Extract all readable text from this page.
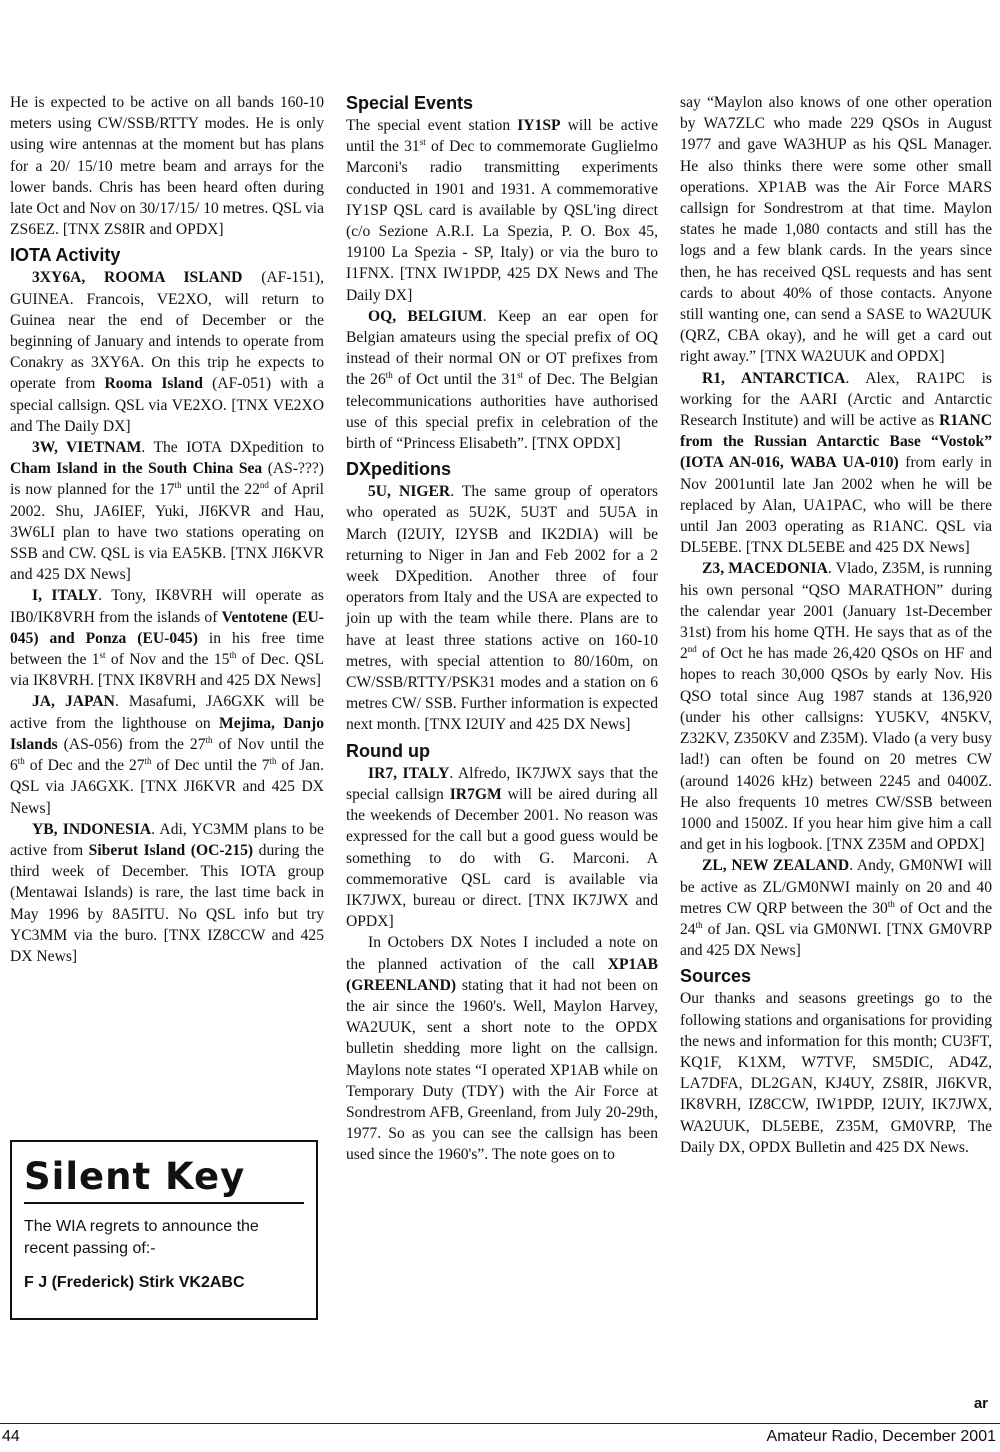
He is expected to be active on all bands 160-10 meters using CW/SSB/RTTY modes. He is only using wire antennas at the moment but has plans for a 20/ 15/10 metre beam and arrays for the lower bands. Chris has been heard often during late Oct and Nov on 30/17/15/ 10 metres. QSL via ZS6EZ. [TNX ZS8IR and OPDX]

IOTA Activity

3XY6A, ROOMA ISLAND (AF-151), GUINEA. Francois, VE2XO, will return to Guinea near the end of December or the beginning of January and intends to operate from Conakry as 3XY6A. On this trip he expects to operate from Rooma Island (AF-051) with a special callsign. QSL via VE2XO. [TNX VE2XO and The Daily DX]

3W, VIETNAM. The IOTA DXpedition to Cham Island in the South China Sea (AS-???) is now planned for the 17th until the 22nd of April 2002. Shu, JA6IEF, Yuki, JI6KVR and Hau, 3W6LI plan to have two stations operating on SSB and CW. QSL is via EA5KB. [TNX JI6KVR and 425 DX News]

I, ITALY. Tony, IK8VRH will operate as IB0/IK8VRH from the islands of Ventotene (EU-045) and Ponza (EU-045) in his free time between the 1st of Nov and the 15th of Dec. QSL via IK8VRH. [TNX IK8VRH and 425 DX News]

JA, JAPAN. Masafumi, JA6GXK will be active from the lighthouse on Mejima, Danjo Islands (AS-056) from the 27th of Nov until the 6th of Dec and the 27th of Dec until the 7th of Jan. QSL via JA6GXK. [TNX JI6KVR and 425 DX News]

YB, INDONESIA. Adi, YC3MM plans to be active from Siberut Island (OC-215) during the third week of December. This IOTA group (Mentawai Islands) is rare, the last time back in May 1996 by 8A5ITU. No QSL info but try YC3MM via the buro. [TNX IZ8CCW and 425 DX News]

Silent Key

The WIA regrets to announce the recent passing of:-

F J (Frederick) Stirk VK2ABC

Special Events

The special event station IY1SP will be active until the 31st of Dec to commemorate Guglielmo Marconi's radio transmitting experiments conducted in 1901 and 1931. A commemorative IY1SP QSL card is available by QSL'ing direct (c/o Sezione A.R.I. La Spezia, P. O. Box 45, 19100 La Spezia - SP, Italy) or via the buro to I1FNX. [TNX IW1PDP, 425 DX News and The Daily DX]

OQ, BELGIUM. Keep an ear open for Belgian amateurs using the special prefix of OQ instead of their normal ON or OT prefixes from the 26th of Oct until the 31st of Dec. The Belgian telecommunications authorities have authorised use of this special prefix in celebration of the birth of “Princess Elisabeth”. [TNX OPDX]

DXpeditions

5U, NIGER. The same group of operators who operated as 5U2K, 5U3T and 5U5A in March (I2UIY, I2YSB and IK2DIA) will be returning to Niger in Jan and Feb 2002 for a 2 week DXpedition. Another three of four operators from Italy and the USA are expected to join up with the team while there. Plans are to have at least three stations active on 160-10 metres, with special attention to 80/160m, on CW/SSB/RTTY/PSK31 modes and a station on 6 metres CW/ SSB. Further information is expected next month. [TNX I2UIY and 425 DX News]

Round up

IR7, ITALY. Alfredo, IK7JWX says that the special callsign IR7GM will be aired during all the weekends of December 2001. No reason was expressed for the call but a good guess would be something to do with G. Marconi. A commemorative QSL card is available via IK7JWX, bureau or direct. [TNX IK7JWX and OPDX]

In Octobers DX Notes I included a note on the planned activation of the call XP1AB (GREENLAND) stating that it had not been on the air since the 1960's. Well, Maylon Harvey, WA2UUK, sent a short note to the OPDX bulletin shedding more light on the callsign. Maylons note states “I operated XP1AB while on Temporary Duty (TDY) with the Air Force at Sondrestrom AFB, Greenland, from July 20-29th, 1977. So as you can see the callsign has been used since the 1960's”. The note goes on to

say “Maylon also knows of one other operation by WA7ZLC who made 229 QSOs in August 1977 and gave WA3HUP as his QSL Manager. He also thinks there were some other small operations. XP1AB was the Air Force MARS callsign for Sondrestrom at that time. Maylon states he made 1,080 contacts and still has the logs and a few blank cards. In the years since then, he has received QSL requests and has sent cards to about 40% of those contacts. Anyone still wanting one, can send a SASE to WA2UUK (QRZ, CBA okay), and he will get a card out right away.” [TNX WA2UUK and OPDX]

R1, ANTARCTICA. Alex, RA1PC is working for the AARI (Arctic and Antarctic Research Institute) and will be active as R1ANC from the Russian Antarctic Base “Vostok” (IOTA AN-016, WABA UA-010) from early in Nov 2001until late Jan 2002 when he will be replaced by Alan, UA1PAC, who will be there until Jan 2003 operating as R1ANC. QSL via DL5EBE. [TNX DL5EBE and 425 DX News]

Z3, MACEDONIA. Vlado, Z35M, is running his own personal “QSO MARATHON” during the calendar year 2001 (January 1st-December 31st) from his home QTH. He says that as of the 2nd of Oct he has made 26,420 QSOs on HF and hopes to reach 30,000 QSOs by early Nov. His QSO total since Aug 1987 stands at 136,920 (under his other callsigns: YU5KV, 4N5KV, Z32KV, Z350KV and Z35M). Vlado (a very busy lad!) can often be found on 20 metres CW (around 14026 kHz) between 2245 and 0400Z. He also frequents 10 metres CW/SSB between 1000 and 1500Z. If you hear him give him a call and get in his logbook. [TNX Z35M and OPDX]

ZL, NEW ZEALAND. Andy, GM0NWI will be active as ZL/GM0NWI mainly on 20 and 40 metres CW QRP between the 30th of Oct and the 24th of Jan. QSL via GM0NWI. [TNX GM0VRP and 425 DX News]

Sources

Our thanks and seasons greetings go to the following stations and organisations for providing the news and information for this month; CU3FT, KQ1F, K1XM, W7TVF, SM5DIC, AD4Z, LA7DFA, DL2GAN, KJ4UY, ZS8IR, JI6KVR, IK8VRH, IZ8CCW, IW1PDP, I2UIY, IK7JWX, WA2UUK, DL5EBE, Z35M, GM0VRP, The Daily DX, OPDX Bulletin and 425 DX News.

ar
44	Amateur Radio, December 2001
